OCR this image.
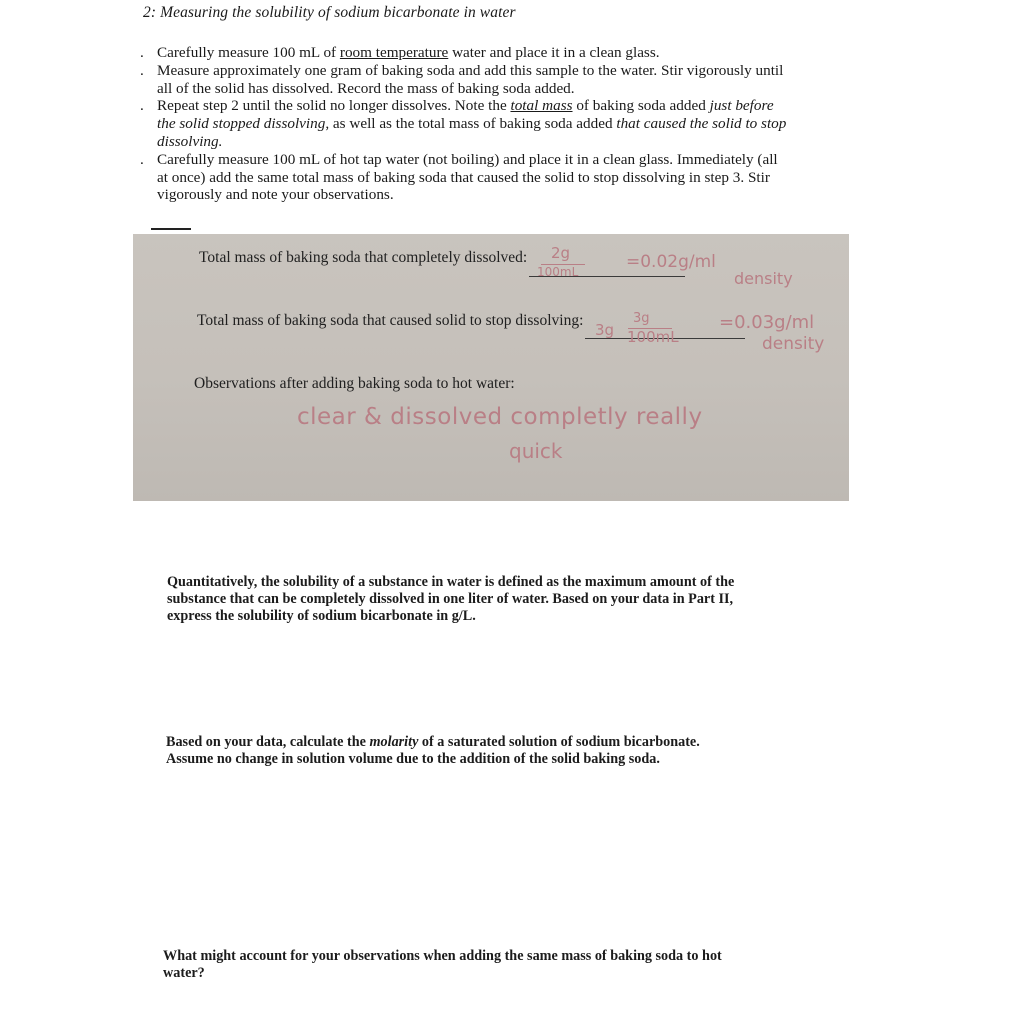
2: Measuring the solubility of sodium bicarbonate in water
. Carefully measure 100 mL of room temperature water and place it in a clean glass.
. Measure approximately one gram of baking soda and add this sample to the water. Stir vigorously until all of the solid has dissolved. Record the mass of baking soda added.
. Repeat step 2 until the solid no longer dissolves. Note the total mass of baking soda added just before the solid stopped dissolving, as well as the total mass of baking soda added that caused the solid to stop dissolving.
. Carefully measure 100 mL of hot tap water (not boiling) and place it in a clean glass. Immediately (all at once) add the same total mass of baking soda that caused the solid to stop dissolving in step 3. Stir vigorously and note your observations.
Total mass of baking soda that completely dissolved: 2g
100mL	=0.02g/ml
density
Total mass of baking soda that caused solid to stop dissolving:
3g
3g
100mL
=0.03g/ml
density
Observations after adding baking soda to hot water:
clear & dissolved completly really
quick
Quantitatively, the solubility of a substance in water is defined as the maximum amount of the substance that can be completely dissolved in one liter of water. Based on your data in Part II, express the solubility of sodium bicarbonate in g/L.
Based on your data, calculate the molarity of a saturated solution of sodium bicarbonate. Assume no change in solution volume due to the addition of the solid baking soda.
What might account for your observations when adding the same mass of baking soda to hot water?
